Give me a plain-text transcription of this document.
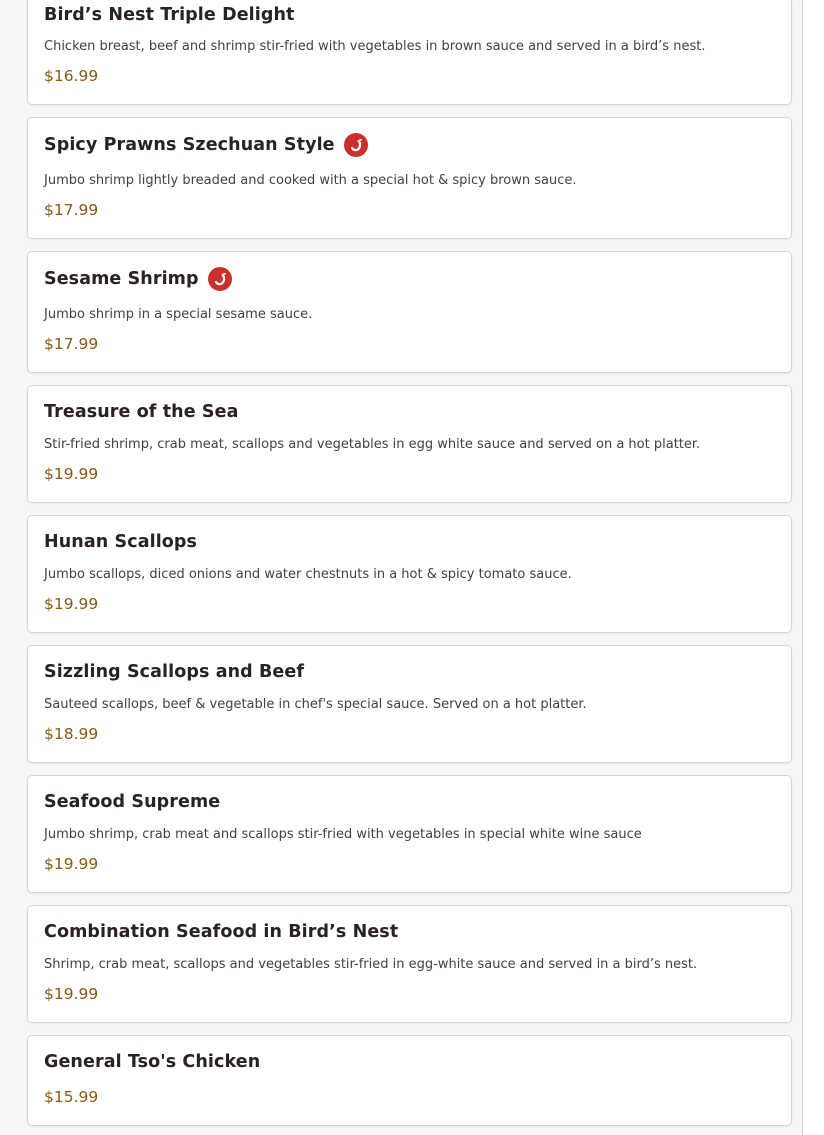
Bird’s Nest Triple Delight
Chicken breast, beef and shrimp stir-fried with vegetables in brown sauce and served in a bird’s nest.
$16.99
Spicy Prawns Szechuan Style
Jumbo shrimp lightly breaded and cooked with a special hot & spicy brown sauce.
$17.99
Sesame Shrimp
Jumbo shrimp in a special sesame sauce.
$17.99
Treasure of the Sea
Stir-fried shrimp, crab meat, scallops and vegetables in egg white sauce and served on a hot platter.
$19.99
Hunan Scallops
Jumbo scallops, diced onions and water chestnuts in a hot & spicy tomato sauce.
$19.99
Sizzling Scallops and Beef
Sauteed scallops, beef & vegetable in chef's special sauce. Served on a hot platter.
$18.99
Seafood Supreme
Jumbo shrimp, crab meat and scallops stir-fried with vegetables in special white wine sauce
$19.99
Combination Seafood in Bird’s Nest
Shrimp, crab meat, scallops and vegetables stir-fried in egg-white sauce and served in a bird’s nest.
$19.99
General Tso's Chicken
$15.99
